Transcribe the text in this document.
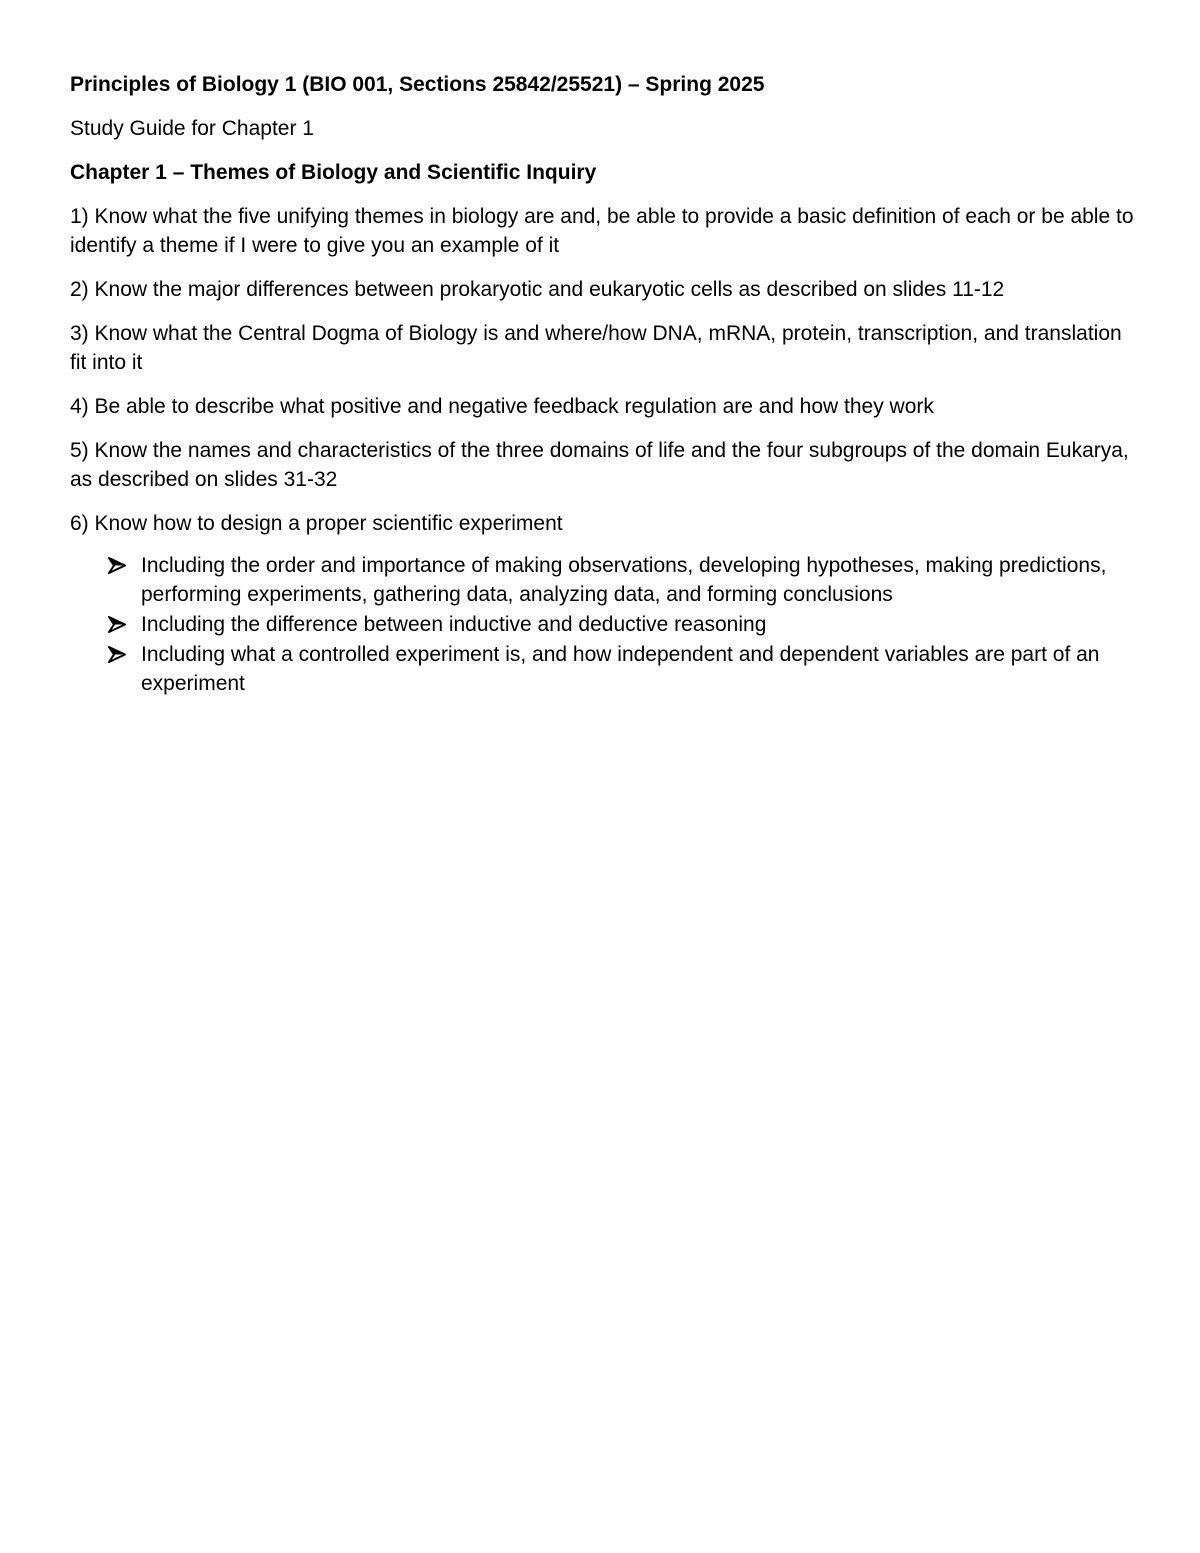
Principles of Biology 1 (BIO 001, Sections 25842/25521) – Spring 2025

Study Guide for Chapter 1

Chapter 1 – Themes of Biology and Scientific Inquiry

1) Know what the five unifying themes in biology are and, be able to provide a basic definition of each or be able to identify a theme if I were to give you an example of it

2) Know the major differences between prokaryotic and eukaryotic cells as described on slides 11-12

3) Know what the Central Dogma of Biology is and where/how DNA, mRNA, protein, transcription, and translation fit into it

4) Be able to describe what positive and negative feedback regulation are and how they work

5) Know the names and characteristics of the three domains of life and the four subgroups of the domain Eukarya, as described on slides 31-32

6) Know how to design a proper scientific experiment

Including the order and importance of making observations, developing hypotheses, making predictions, performing experiments, gathering data, analyzing data, and forming conclusions
Including the difference between inductive and deductive reasoning
Including what a controlled experiment is, and how independent and dependent variables are part of an experiment
